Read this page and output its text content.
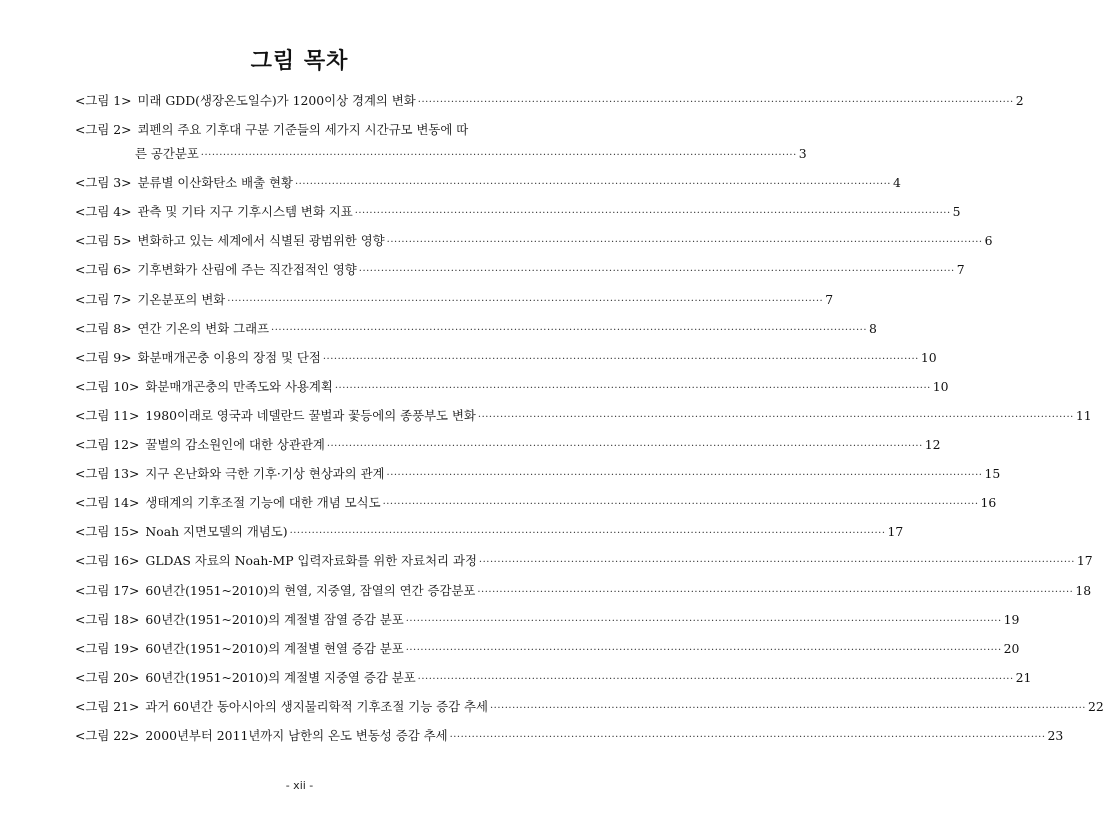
그림 목차
<그림 1> 미래 GDD(생장온도일수)가 1200이상 경계의 변화 ·····	2
<그림 2> 쾨펜의 주요 기후대 구분 기준들의 세가지 시간규모 변동에 따
른 공간분포 ·····	3
<그림 3> 분류별 이산화탄소 배출 현황 ·····	4
<그림 4> 관측 및 기타 지구 기후시스템 변화 지표 ·····	5
<그림 5> 변화하고 있는 세계에서 식별된 광범위한 영향 ·····	6
<그림 6> 기후변화가 산림에 주는 직간접적인 영향 ·····	7
<그림 7> 기온분포의 변화 ·····	7
<그림 8> 연간 기온의 변화 그래프 ·····	8
<그림 9> 화분매개곤충 이용의 장점 및 단점 ·····	10
<그림 10> 화분매개곤충의 만족도와 사용계획 ·····	10
<그림 11> 1980이래로 영국과 네델란드 꿀벌과 꽃등에의 종풍부도 변화 ·····	11
<그림 12> 꿀벌의 감소원인에 대한 상관관계 ·····	12
<그림 13> 지구 온난화와 극한 기후·기상 현상과의 관계 ·····	15
<그림 14> 생태계의 기후조절 기능에 대한 개념 모식도 ·····	16
<그림 15> Noah 지면모델의 개념도) ·····	17
<그림 16> GLDAS 자료의 Noah-MP 입력자료화를 위한 자료처리 과정 ·····	17
<그림 17> 60년간(1951~2010)의 현열, 지중열, 잠열의 연간 증감분포 ·····	18
<그림 18> 60년간(1951~2010)의 계절별 잠열 증감 분포 ·····	19
<그림 19> 60년간(1951~2010)의 계절별 현열 증감 분포 ·····	20
<그림 20> 60년간(1951~2010)의 계절별 지중열 증감 분포 ·····	21
<그림 21> 과거 60년간 동아시아의 생지물리학적 기후조절 기능 증감 추세 ·····	22
<그림 22> 2000년부터 2011년까지 남한의 온도 변동성 증감 추세 ·····	23
- xii -
